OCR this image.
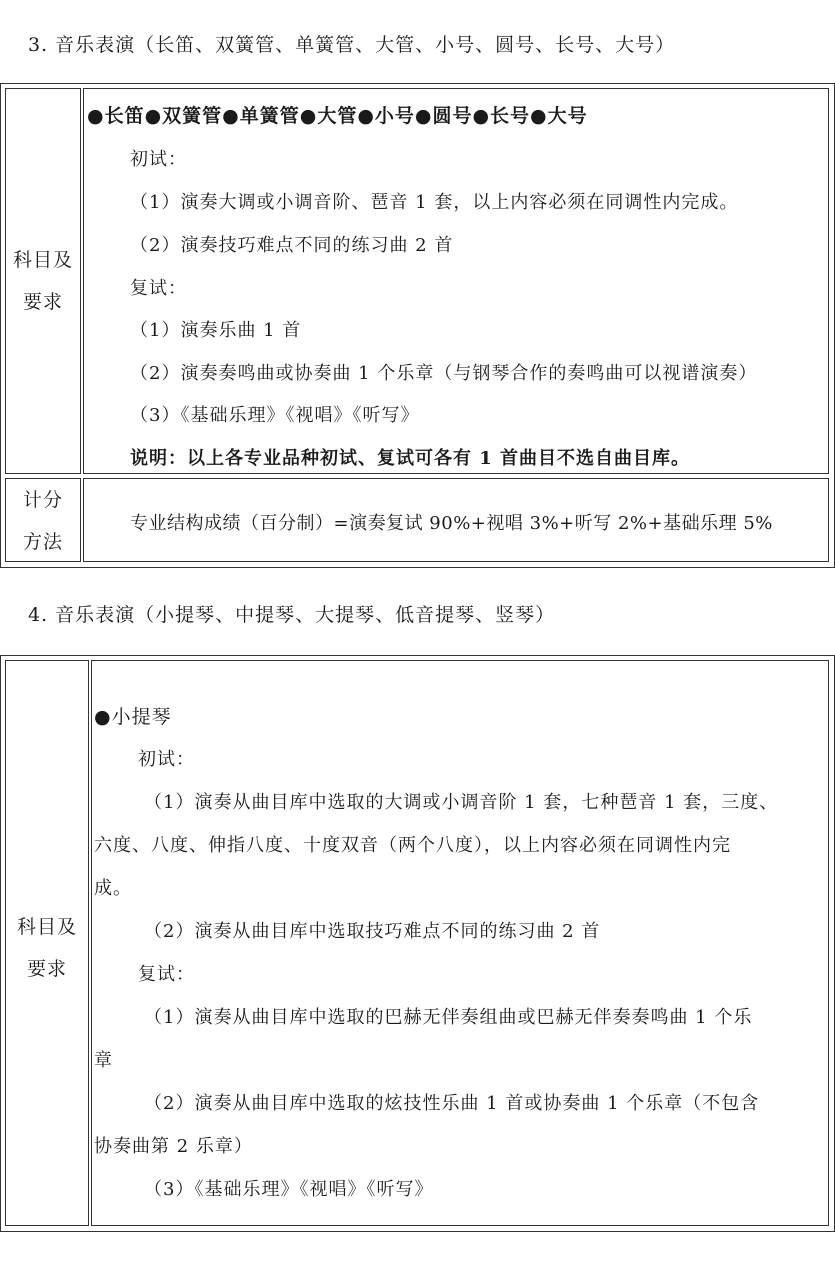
3. 音乐表演（长笛、双簧管、单簧管、大管、小号、圆号、长号、大号）
科目及
要求
●长笛●双簧管●单簧管●大管●小号●圆号●长号●大号
初试：
（1）演奏大调或小调音阶、琶音 1 套，以上内容必须在同调性内完成。
（2）演奏技巧难点不同的练习曲 2 首
复试：
（1）演奏乐曲 1 首
（2）演奏奏鸣曲或协奏曲 1 个乐章（与钢琴合作的奏鸣曲可以视谱演奏）
（3）《基础乐理》《视唱》《听写》
说明：以上各专业品种初试、复试可各有 1 首曲目不选自曲目库。
计分
方法
专业结构成绩（百分制）=演奏复试 90%+视唱 3%+听写 2%+基础乐理 5%
4. 音乐表演（小提琴、中提琴、大提琴、低音提琴、竖琴）
科目及
要求
●小提琴
初试：
（1）演奏从曲目库中选取的大调或小调音阶 1 套，七种琶音 1 套，三度、
六度、八度、伸指八度、十度双音（两个八度），以上内容必须在同调性内完
成。
（2）演奏从曲目库中选取技巧难点不同的练习曲 2 首
复试：
（1）演奏从曲目库中选取的巴赫无伴奏组曲或巴赫无伴奏奏鸣曲 1 个乐
章
（2）演奏从曲目库中选取的炫技性乐曲 1 首或协奏曲 1 个乐章（不包含
协奏曲第 2 乐章）
（3）《基础乐理》《视唱》《听写》
